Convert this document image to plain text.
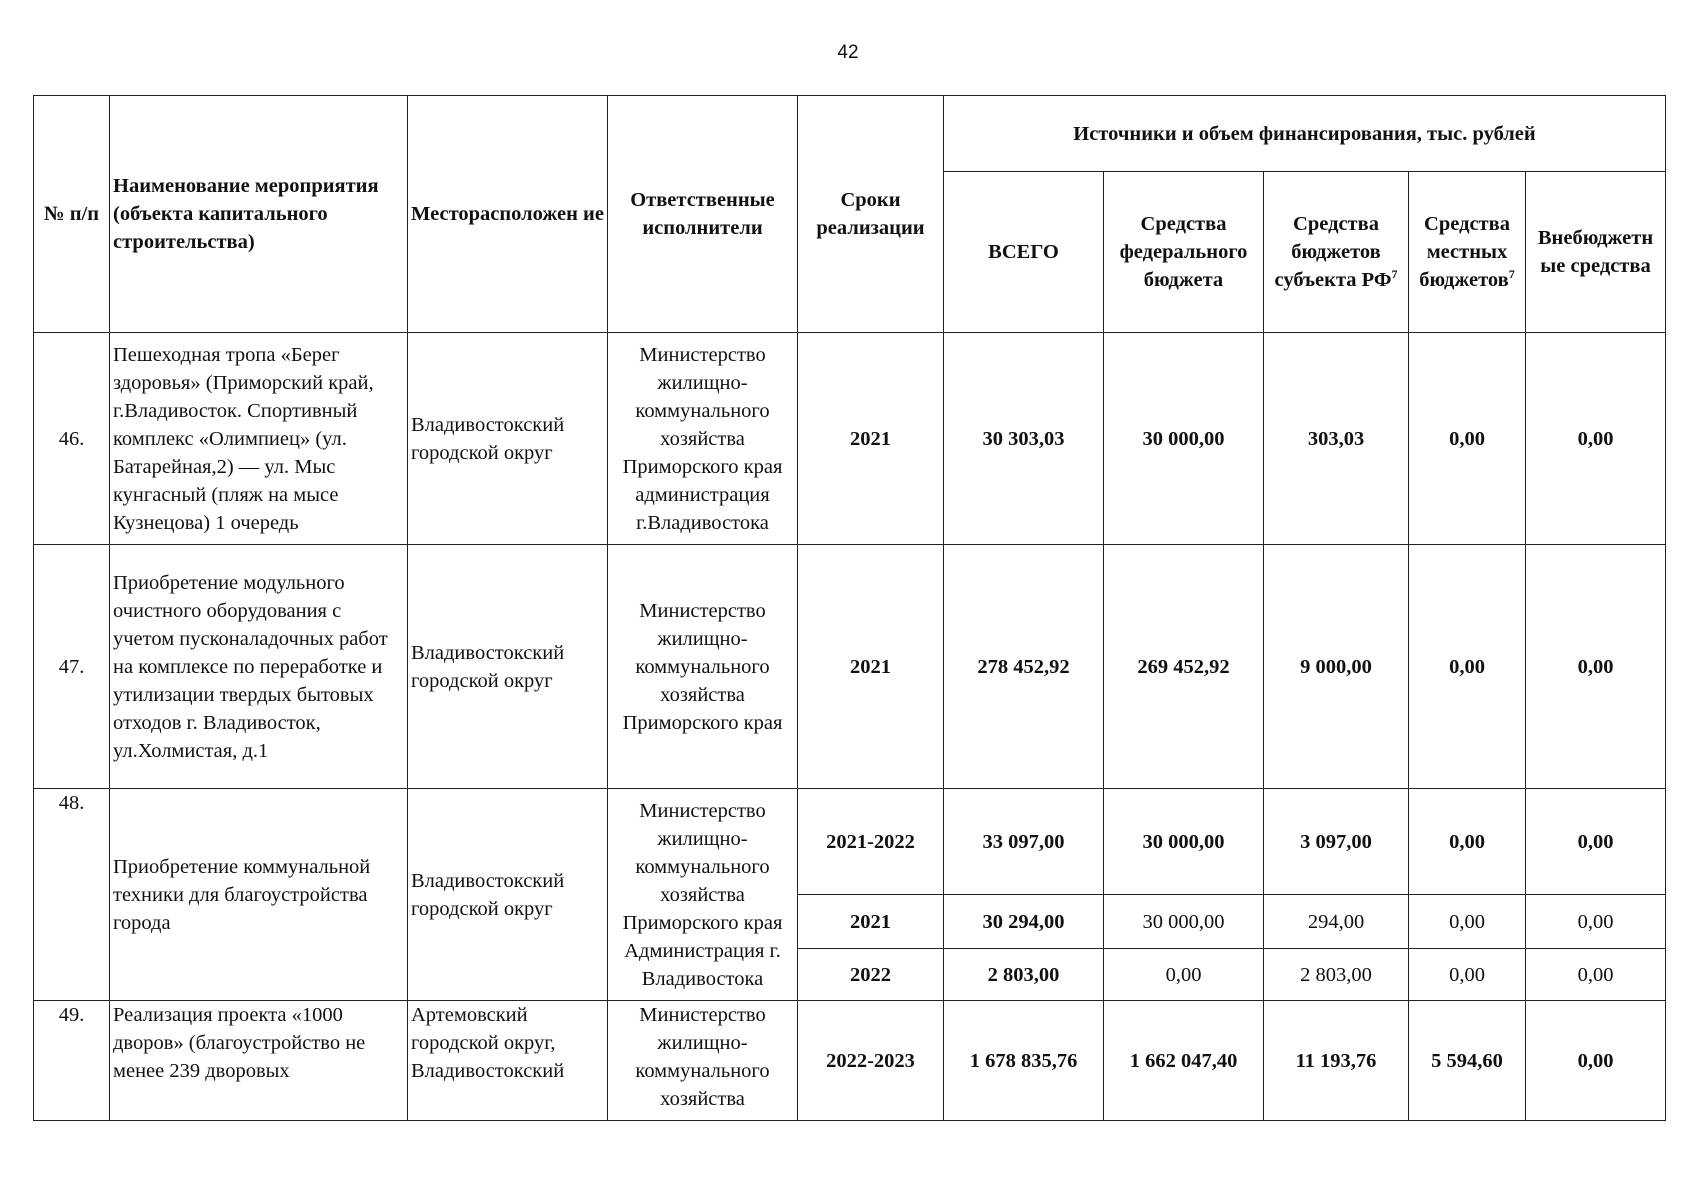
42
№ п/п	Наименование мероприятия (объекта капитального строительства)	Месторасположен ие	Ответственные исполнители	Сроки реализации	Источники и объем финансирования, тыс. рублей				
					ВСЕГО	Средства федерального бюджета	Средства бюджетов субъекта $РФ^7$	Средства местных бюджетов$^7$	Внебюджетн ые средства
46.	Пешеходная тропа «Берег здоровья» (Приморский край, г.Владивосток. Спортивный комплекс «Олимпиец» (ул. Батарейная,2) — ул. Мыс кунгасный (пляж на мысе Кузнецова) 1 очередь	Владивостокский городской округ	Министерство жилищно-коммунального хозяйства Приморского края администрация г.Владивостока	2021	30 303,03	30 000,00	303,03	0,00	0,00
47.	Приобретение модульного очистного оборудования с учетом пусконаладочных работ на комплексе по переработке и утилизации твердых бытовых отходов г. Владивосток, ул.Холмистая, д.1	Владивостокский городской округ	Министерство жилищно-коммунального хозяйства Приморского края	2021	278 452,92	269 452,92	9 000,00	0,00	0,00
48.	Приобретение коммунальной техники для благоустройства города	Владивостокский городской округ	Министерство жилищно-коммунального хозяйства Приморского края Администрация г. Владивостока	2021-2022	33 097,00	30 000,00	3 097,00	0,00	0,00
				2021	30 294,00	30 000,00	294,00	0,00	0,00
				2022	2 803,00	0,00	2 803,00	0,00	0,00
49.	Реализация проекта «1000 дворов» (благоустройство не менее 239 дворовых	Артемовский городской округ, Владивостокский	Министерство жилищно-коммунального хозяйства	2022-2023	1 678 835,76	1 662 047,40	11 193,76	5 594,60	0,00
